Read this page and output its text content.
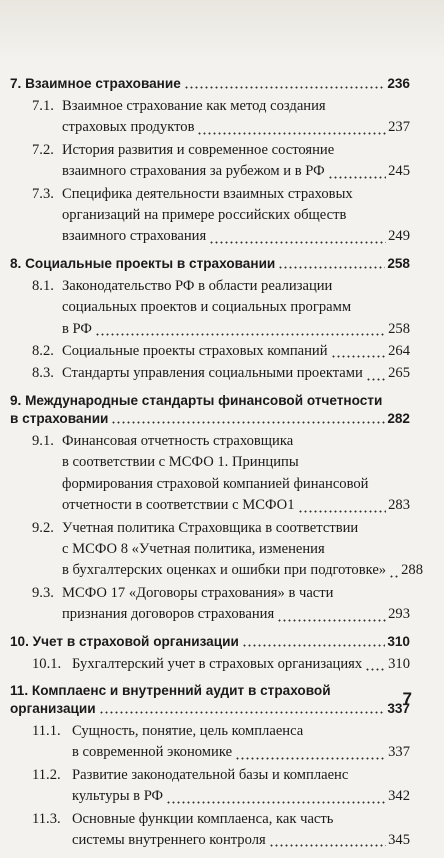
7. Взаимное страхование	236
7.1. Взаимное страхование как метод создания
страховых продуктов	237
7.2. История развития и современное состояние
взаимного страхования за рубежом и в РФ	245
7.3. Специфика деятельности взаимных страховых
организаций на примере российских обществ
взаимного страхования	249
8. Социальные проекты в страховании	258
8.1. Законодательство РФ в области реализации
социальных проектов и социальных программ
в РФ	258
8.2. Социальные проекты страховых компаний	264
8.3. Стандарты управления социальными проектами 265
9. Международные стандарты финансовой отчетности
в страховании	282
9.1. Финансовая отчетность страховщика
в соответствии с МСФО 1. Принципы
формирования страховой компанией финансовой
отчетности в соответствии с МСФО1	283
9.2. Учетная политика Страховщика в соответствии
с МСФО 8 «Учетная политика, изменения
в бухгалтерских оценках и ошибки при подготовке» 288
9.3. МСФО 17 «Договоры страхования» в части
признания договоров страхования	293
10. Учет в страховой организации	310
10.1. Бухгалтерский учет в страховых организациях 310
11. Комплаенс и внутренний аудит в страховой
организации	337
11.1. Сущность, понятие, цель комплаенса
в современной экономике	337
11.2. Развитие законодательной базы и комплаенс
культуры в РФ	342
11.3. Основные функции комплаенса, как часть
системы внутреннего контроля	345
7
